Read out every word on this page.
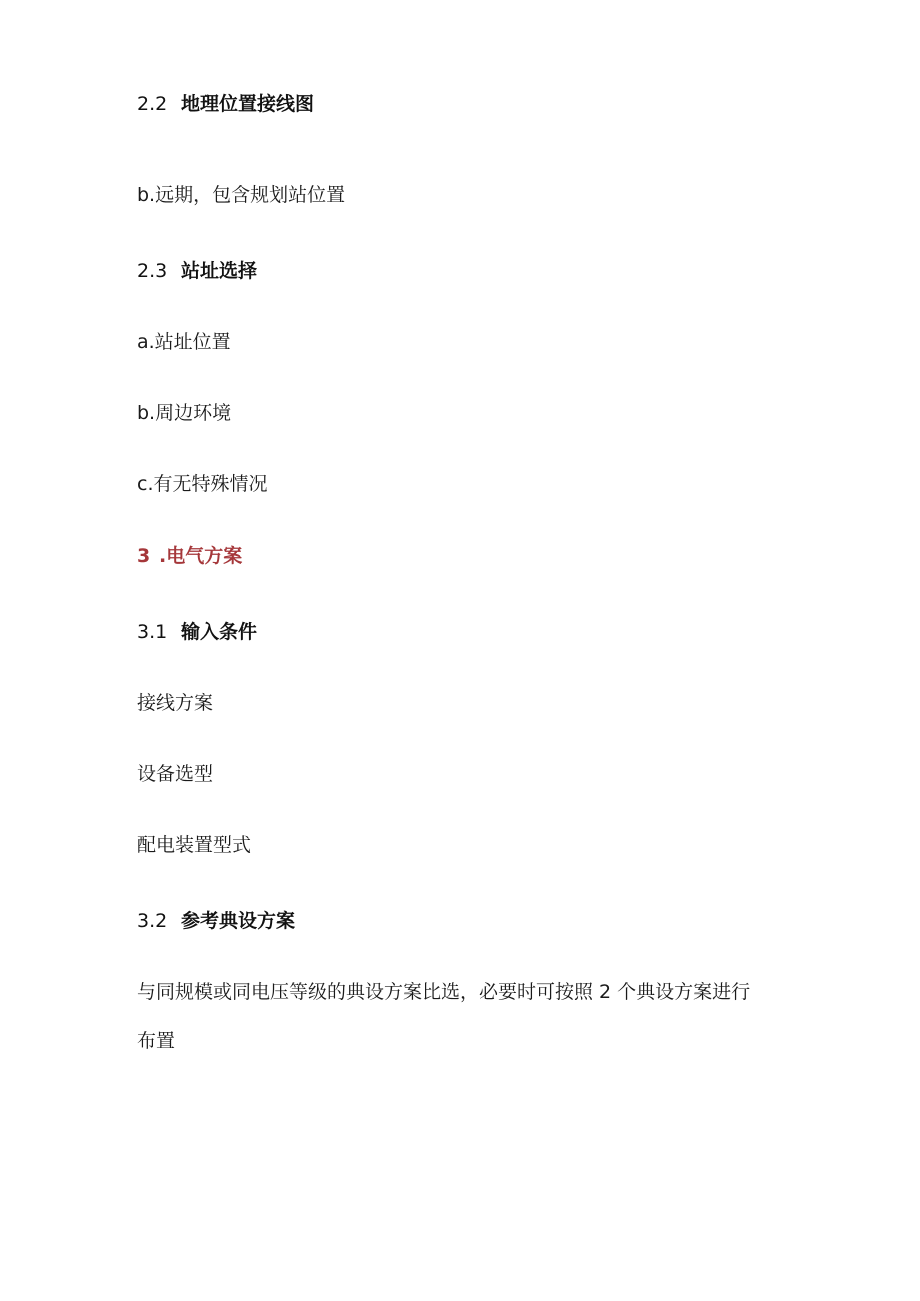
2.2 地理位置接线图
b.远期，包含规划站位置
2.3 站址选择
a.站址位置
b.周边环境
c.有无特殊情况
3 .电气方案
3.1 输入条件
接线方案
设备选型
配电装置型式
3.2 参考典设方案
与同规模或同电压等级的典设方案比选，必要时可按照 2 个典设方案进行
布置
